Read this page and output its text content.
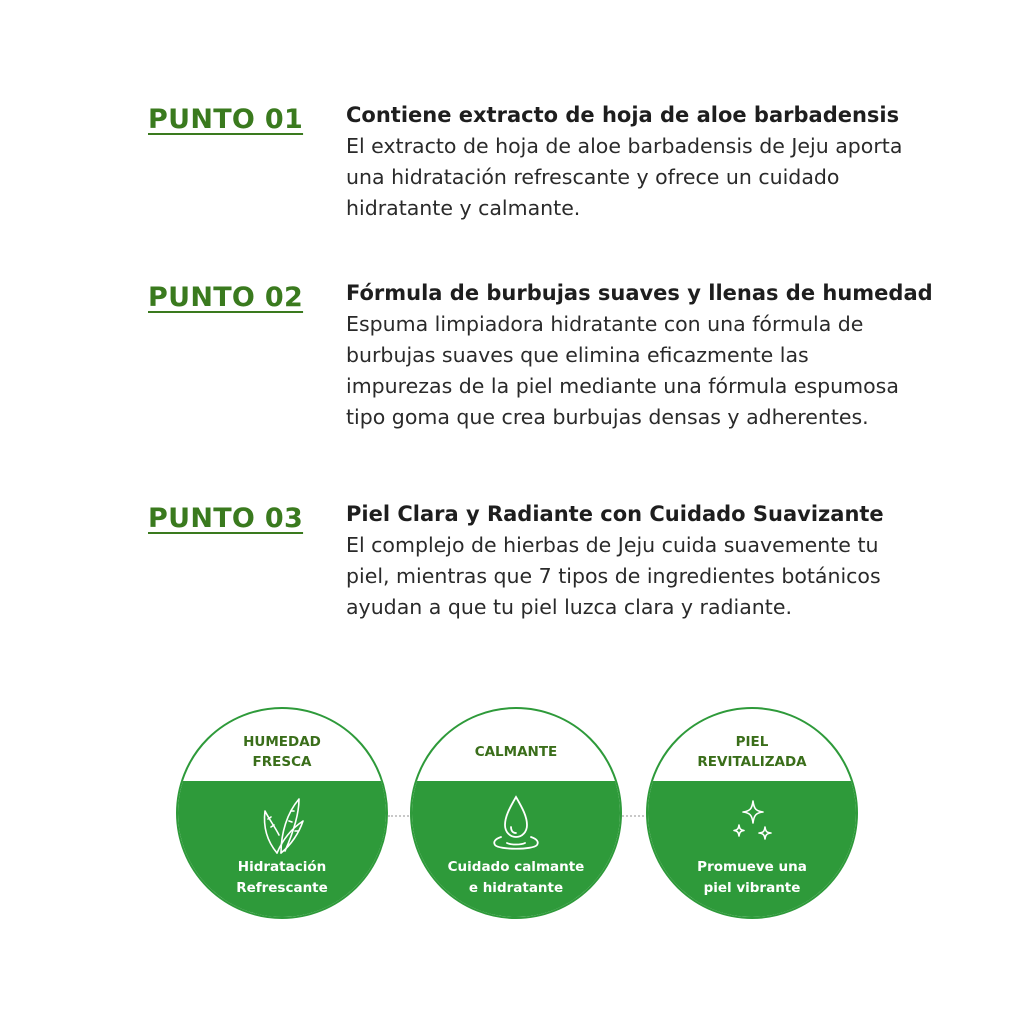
PUNTO 01 Contiene extracto de hoja de aloe barbadensis
El extracto de hoja de aloe barbadensis de Jeju aporta
una hidratación refrescante y ofrece un cuidado
hidratante y calmante.
PUNTO 02 Fórmula de burbujas suaves y llenas de humedad
Espuma limpiadora hidratante con una fórmula de
burbujas suaves que elimina eficazmente las
impurezas de la piel mediante una fórmula espumosa
tipo goma que crea burbujas densas y adherentes.
PUNTO 03 Piel Clara y Radiante con Cuidado Suavizante
El complejo de hierbas de Jeju cuida suavemente tu
piel, mientras que 7 tipos de ingredientes botánicos
ayudan a que tu piel luzca clara y radiante.
HUMEDAD
FRESCA
Hidratación
Refrescante
CALMANTE
Cuidado calmante
e hidratante
PIEL
REVITALIZADA
Promueve una
piel vibrante
